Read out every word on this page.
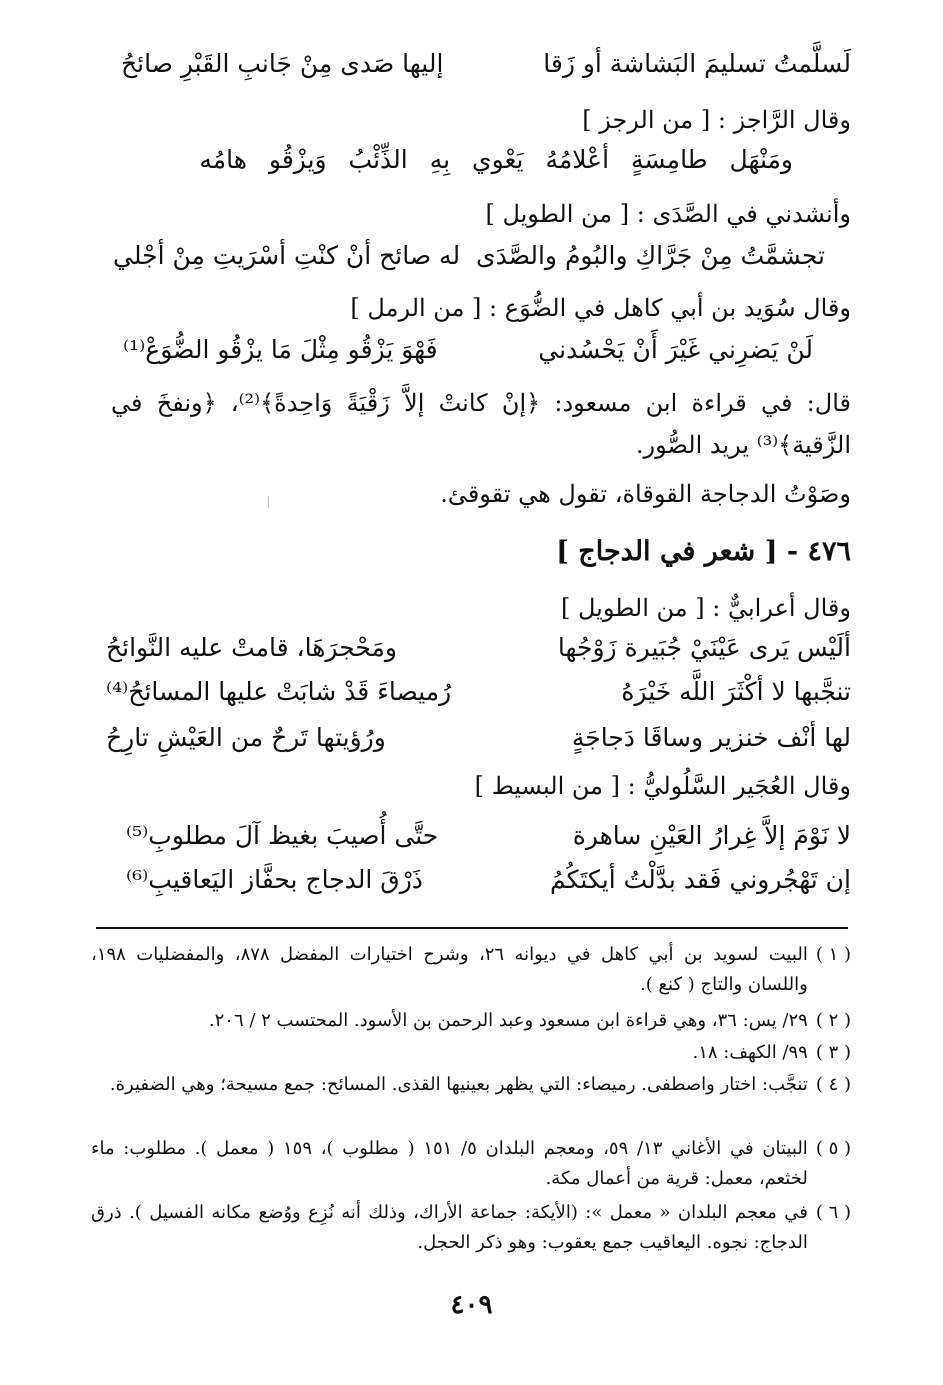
لَسلَّمتُ تسليمَ البَشاشة أو زَقا
إليها صَدى مِنْ جَانبِ القَبْرِ صائحُ
وقال الرَّاجز : [ من الرجز ]
ومَنْهَل طامِسَةٍ أعْلامُهُ يَعْوي بِهِ الذِّئْبُ وَيزْقُو هامُه
وأنشدني في الصَّدَى : [ من الطويل ]
تجشمَّتُ مِنْ جَرَّاكِ والبُومُ والصَّدَى
له صائح أنْ كنْتِ أسْرَيتِ مِنْ أجْلي
وقال سُوَيد بن أبي كاهل في الضُّوَع : [ من الرمل ]
لَنْ يَضرِني غَيْرَ أَنْ يَحْسُدني
فَهْوَ يَزْقُو مِثْلَ مَا يزْقُو الضُّوَعْ⁽¹⁾
قال: في قراءة ابن مسعود: ﴿إنْ كانتْ إلاَّ زَقْيَةً وَاحِدةً﴾⁽²⁾، ﴿ونفخَ في الزَّقية﴾⁽³⁾ يريد الصُّور.
وصَوْتُ الدجاجة القوقاة، تقول هي تقوقئ.
٤٧٦ - [ شعر في الدجاج ]
وقال أعرابيٌّ : [ من الطويل ]
ألَيْس يَرى عَيْنَيْ جُبَيرة زَوْجُها
ومَحْجرَهَا، قامتْ عليه النَّوائحُ
تنجَّبها لا أكْثَرَ اللَّه خَيْرَهُ
رُميصاءَ قَدْ شابَتْ عليها المسائحُ⁽⁴⁾
لها أنْف خنزير وساقَا دَجاجَةٍ
ورُؤيتها تَرحٌ من العَيْشِ تارِحُ
وقال العُجَير السَّلُوليُّ : [ من البسيط ]
لا نَوْمَ إلاَّ غِرارُ العَيْنِ ساهرة
حتَّى أُصيبَ بغيظ آلَ مطلوبِ⁽⁵⁾
إن تَهْجُروني فَقد بدَّلْتُ أيكتَكُمُ
ذَرْقَ الدجاج بحفَّاز اليَعاقيبِ⁽⁶⁾
( ١ )
البيت لسويد بن أبي كاهل في ديوانه ٢٦، وشرح اختيارات المفضل ٨٧٨، والمفضليات ١٩٨، واللسان والتاج ( كنع ).
( ٢ )
٢٩/ يس: ٣٦، وهي قراءة ابن مسعود وعبد الرحمن بن الأسود. المحتسب ٢ / ٢٠٦.
( ٣ )
٩٩/ الكهف: ١٨.
( ٤ )
تنجَّب: اختار واصطفى. رميصاء: التي يظهر بعينيها القذى. المسائح: جمع مسيحة؛ وهي الضفيرة.
( ٥ )
البيتان في الأغاني ١٣/ ٥٩، ومعجم البلدان ٥/ ١٥١ ( مطلوب )، ١٥٩ ( معمل ). مطلوب: ماء لخثعم، معمل: قرية من أعمال مكة.
( ٦ )
في معجم البلدان « معمل »: (الأيكة: جماعة الأراك، وذلك أنه نُزِع ووُضع مكانه الفسيل ). ذرق الدجاج: نجوه. اليعاقيب جمع يعقوب: وهو ذكر الحجل.
٤٠٩
